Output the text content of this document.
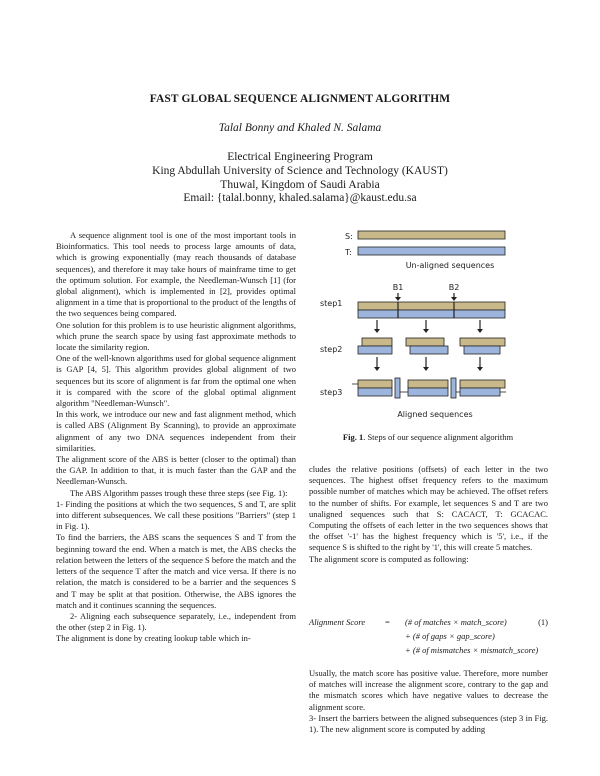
FAST GLOBAL SEQUENCE ALIGNMENT ALGORITHM
Talal Bonny and Khaled N. Salama
Electrical Engineering Program
King Abdullah University of Science and Technology (KAUST)
Thuwal, Kingdom of Saudi Arabia
Email: {talal.bonny, khaled.salama}@kaust.edu.sa

A sequence alignment tool is one of the most important tools in Bioinformatics. This tool needs to process large amounts of data, which is growing exponentially (may reach thousands of database sequences), and therefore it may take hours of mainframe time to get the optimum solution. For example, the Needleman-Wunsch [1] (for global alignment), which is implemented in [2], provides optimal alignment in a time that is proportional to the product of the lengths of the two sequences being compared.

One solution for this problem is to use heuristic alignment algorithms, which prune the search space by using fast approximate methods to locate the similarity region.

One of the well-known algorithms used for global sequence alignment is GAP [4, 5]. This algorithm provides global alignment of two sequences but its score of alignment is far from the optimal one when it is compared with the score of the global optimal alignment algorithm "Needleman-Wunsch".

In this work, we introduce our new and fast alignment method, which is called ABS (Alignment By Scanning), to provide an approximate alignment of any two DNA sequences independent from their similarities.

The alignment score of the ABS is better (closer to the optimal) than the GAP. In addition to that, it is much faster than the GAP and the Needleman-Wunsch.

The ABS Algorithm passes trough these three steps (see Fig. 1):

1- Finding the positions at which the two sequences, S and T, are split into different subsequences. We call these positions "Barriers" (step 1 in Fig. 1).

To find the barriers, the ABS scans the sequences S and T from the beginning toward the end. When a match is met, the ABS checks the relation between the letters of the sequence S before the match and the letters of the sequence T after the match and vice versa. If there is no relation, the match is considered to be a barrier and the sequences S and T may be split at that position. Otherwise, the ABS ignores the match and it continues scanning the sequences.

2- Aligning each subsequence separately, i.e., independent from the other (step 2 in Fig. 1).

The alignment is done by creating lookup table which in-

S:
T:
Un-aligned sequences
B1	B2
step1
step2
step3
Aligned sequences
Fig. 1. Steps of our sequence alignment algorithm

cludes the relative positions (offsets) of each letter in the two sequences. The highest offset frequency refers to the maximum possible number of matches which may be achieved. The offset refers to the number of shifts. For example, let sequences S and T are two unaligned sequences such that S: CACACT, T: GCACAC. Computing the offsets of each letter in the two sequences shows that the offset '-1' has the highest frequency which is '5', i.e., if the sequence S is shifted to the right by '1', this will create 5 matches.

The alignment score is computed as following:

Alignment Score = (# of matches × match_score)	(1)
+ (# of gaps × gap_score)
+ (# of mismatches × mismatch_score)

Usually, the match score has positive value. Therefore, more number of matches will increase the alignment score, contrary to the gap and the mismatch scores which have negative values to decrease the alignment score.

3- Insert the barriers between the aligned subsequences (step 3 in Fig. 1). The new alignment score is computed by adding
